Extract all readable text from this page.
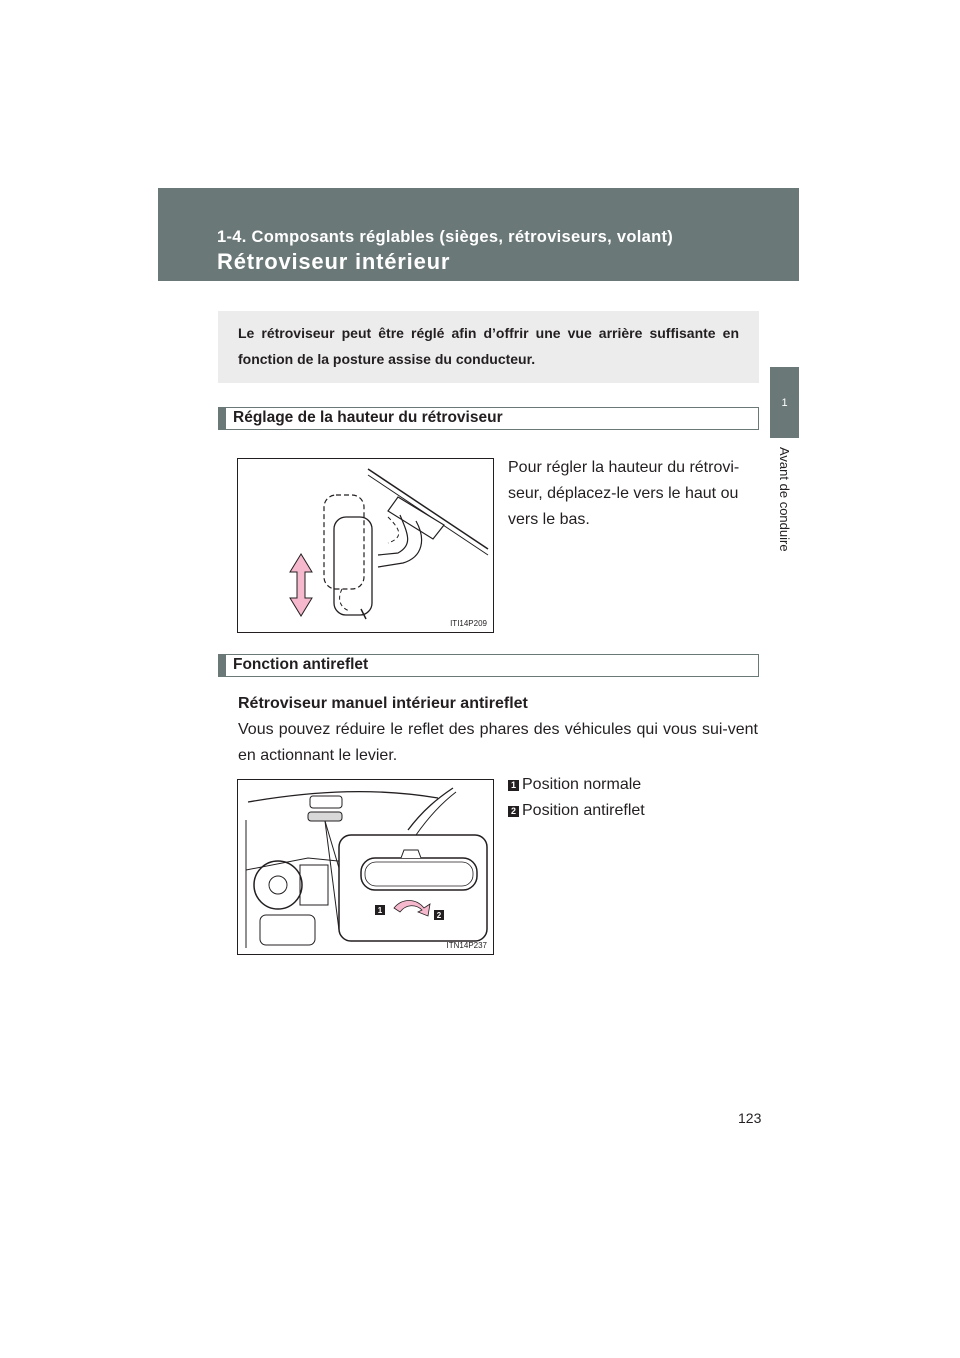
1-4. Composants réglables (sièges, rétroviseurs, volant)
Rétroviseur intérieur
1
Avant de conduire
Le rétroviseur peut être réglé afin d’offrir une vue arrière suffisante en fonction de la posture assise du conducteur.
Réglage de la hauteur du rétroviseur
ITI14P209
Pour régler la hauteur du rétrovi-seur, déplacez-le vers le haut ou vers le bas.
Fonction antireflet
Rétroviseur manuel intérieur antireflet
Vous pouvez réduire le reflet des phares des véhicules qui vous sui-vent en actionnant le levier.
1
2
ITN14P237
1 Position normale
2 Position antireflet
123
